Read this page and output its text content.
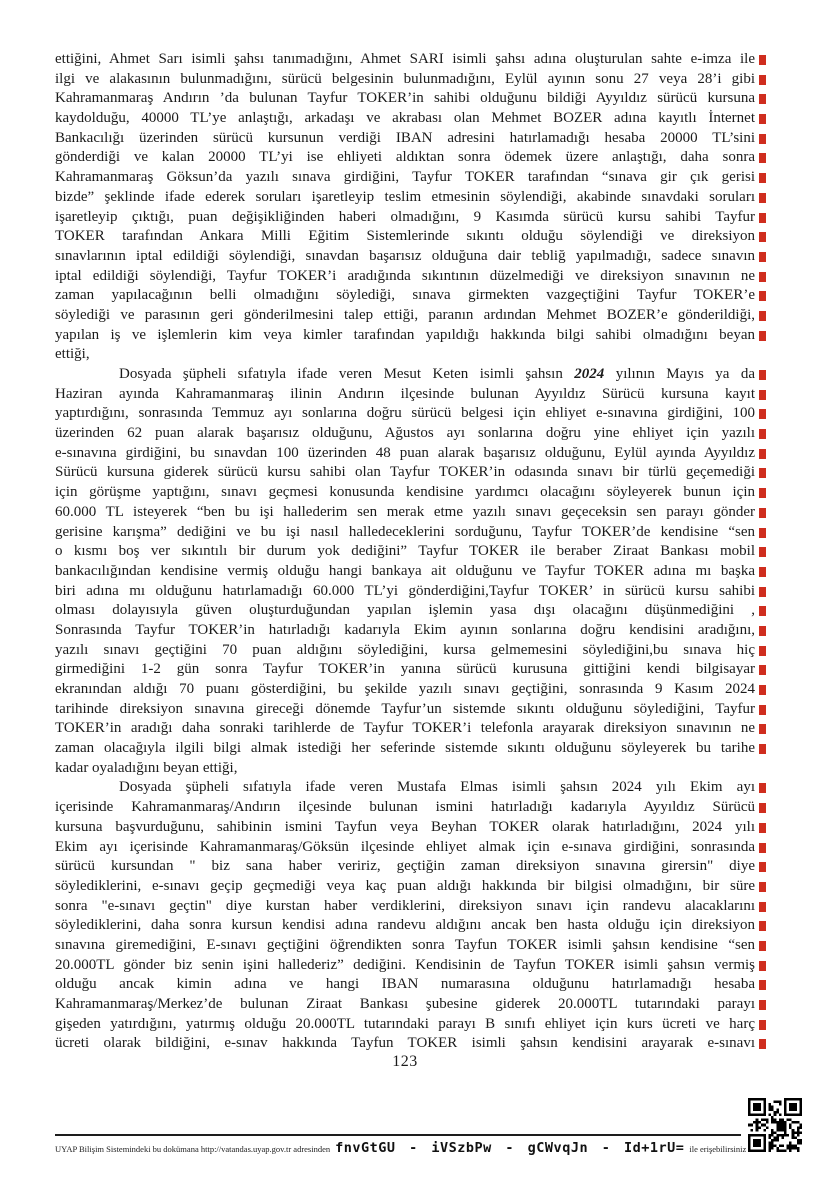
ettiğini, Ahmet Sarı isimli şahsı tanımadığını, Ahmet SARI isimli şahsı adına oluşturulan sahte e-imza ile
ilgi ve alakasının bulunmadığını, sürücü belgesinin bulunmadığını, Eylül ayının sonu 27 veya 28’i gibi
Kahramanmaraş Andırın ’da bulunan Tayfur TOKER’in sahibi olduğunu bildiği Ayyıldız sürücü kursuna
kaydolduğu, 40000 TL’ye anlaştığı, arkadaşı ve akrabası olan Mehmet BOZER adına kayıtlı İnternet
Bankacılığı üzerinden sürücü kursunun verdiği IBAN adresini hatırlamadığı hesaba 20000 TL’sini
gönderdiği ve kalan 20000 TL’yi ise ehliyeti aldıktan sonra ödemek üzere anlaştığı, daha sonra
Kahramanmaraş Göksun’da yazılı sınava girdiğini, Tayfur TOKER tarafından “sınava gir çık gerisi
bizde” şeklinde ifade ederek soruları işaretleyip teslim etmesinin söylendiği, akabinde sınavdaki soruları
işaretleyip çıktığı, puan değişikliğinden haberi olmadığını, 9 Kasımda sürücü kursu sahibi Tayfur
TOKER tarafından Ankara Milli Eğitim Sistemlerinde sıkıntı olduğu söylendiği ve direksiyon
sınavlarının iptal edildiği söylendiği, sınavdan başarısız olduğuna dair tebliğ yapılmadığı, sadece sınavın
iptal edildiği söylendiği, Tayfur TOKER’i aradığında sıkıntının düzelmediği ve direksiyon sınavının ne
zaman yapılacağının belli olmadığını söylediği, sınava girmekten vazgeçtiğini Tayfur TOKER’e
söylediği ve parasının geri gönderilmesini talep ettiği, paranın ardından Mehmet BOZER’e gönderildiği,
yapılan iş ve işlemlerin kim veya kimler tarafından yapıldığı hakkında bilgi sahibi olmadığını beyan
ettiği,
Dosyada şüpheli sıfatıyla ifade veren Mesut Keten isimli şahsın 2024 yılının Mayıs ya da
Haziran ayında Kahramanmaraş ilinin Andırın ilçesinde bulunan Ayyıldız Sürücü kursuna kayıt
yaptırdığını, sonrasında Temmuz ayı sonlarına doğru sürücü belgesi için ehliyet e-sınavına girdiğini, 100
üzerinden 62 puan alarak başarısız olduğunu, Ağustos ayı sonlarına doğru yine ehliyet için yazılı
e-sınavına girdiğini, bu sınavdan 100 üzerinden 48 puan alarak başarısız olduğunu, Eylül ayında Ayyıldız
Sürücü kursuna giderek sürücü kursu sahibi olan Tayfur TOKER’in odasında sınavı bir türlü geçemediği
için görüşme yaptığını, sınavı geçmesi konusunda kendisine yardımcı olacağını söyleyerek bunun için
60.000 TL isteyerek “ben bu işi hallederim sen merak etme yazılı sınavı geçeceksin sen parayı gönder
gerisine karışma” dediğini ve bu işi nasıl halledeceklerini sorduğunu, Tayfur TOKER’de kendisine “sen
o kısmı boş ver sıkıntılı bir durum yok dediğini” Tayfur TOKER ile beraber Ziraat Bankası mobil
bankacılığından kendisine vermiş olduğu hangi bankaya ait olduğunu ve Tayfur TOKER adına mı başka
biri adına mı olduğunu hatırlamadığı 60.000 TL’yi gönderdiğini,Tayfur TOKER’ in sürücü kursu sahibi
olması dolayısıyla güven oluşturduğundan yapılan işlemin yasa dışı olacağını düşünmediğini ,
Sonrasında Tayfur TOKER’in hatırladığı kadarıyla Ekim ayının sonlarına doğru kendisini aradığını,
yazılı sınavı geçtiğini 70 puan aldığını söylediğini, kursa gelmemesini söylediğini,bu sınava hiç
girmediğini 1-2 gün sonra Tayfur TOKER’in yanına sürücü kurusuna gittiğini kendi bilgisayar
ekranından aldığı 70 puanı gösterdiğini, bu şekilde yazılı sınavı geçtiğini, sonrasında 9 Kasım 2024
tarihinde direksiyon sınavına gireceği dönemde Tayfur’un sistemde sıkıntı olduğunu söylediğini, Tayfur
TOKER’in aradığı daha sonraki tarihlerde de Tayfur TOKER’i telefonla arayarak direksiyon sınavının ne
zaman olacağıyla ilgili bilgi almak istediği her seferinde sistemde sıkıntı olduğunu söyleyerek bu tarihe
kadar oyaladığını beyan ettiği,
Dosyada şüpheli sıfatıyla ifade veren Mustafa Elmas isimli şahsın 2024 yılı Ekim ayı
içerisinde Kahramanmaraş/Andırın ilçesinde bulunan ismini hatırladığı kadarıyla Ayyıldız Sürücü
kursuna başvurduğunu, sahibinin ismini Tayfun veya Beyhan TOKER olarak hatırladığını, 2024 yılı
Ekim ayı içerisinde Kahramanmaraş/Göksün ilçesinde ehliyet almak için e-sınava girdiğini, sonrasında
sürücü kursundan " biz sana haber veririz, geçtiğin zaman direksiyon sınavına girersin" diye
söylediklerini, e-sınavı geçip geçmediği veya kaç puan aldığı hakkında bir bilgisi olmadığını, bir süre
sonra "e-sınavı geçtin" diye kurstan haber verdiklerini, direksiyon sınavı için randevu alacaklarını
söylediklerini, daha sonra kursun kendisi adına randevu aldığını ancak ben hasta olduğu için direksiyon
sınavına giremediğini, E-sınavı geçtiğini öğrendikten sonra Tayfun TOKER isimli şahsın kendisine “sen
20.000TL gönder biz senin işini hallederiz” dediğini. Kendisinin de Tayfun TOKER isimli şahsın vermiş
olduğu ancak kimin adına ve hangi IBAN numarasına olduğunu hatırlamadığı hesaba
Kahramanmaraş/Merkez’de bulunan Ziraat Bankası şubesine giderek 20.000TL tutarındaki parayı
gişeden yatırdığını, yatırmış olduğu 20.000TL tutarındaki parayı B sınıfı ehliyet için kurs ücreti ve harç
ücreti olarak bildiğini, e-sınav hakkında Tayfun TOKER isimli şahsın kendisini arayarak e-sınavı
123
UYAP Bilişim Sistemindeki bu dokümana http://vatandas.uyap.gov.tr adresinden fnvGtGU - iVSzbPw - gCWvqJn - Id+1rU= ile erişebilirsiniz
